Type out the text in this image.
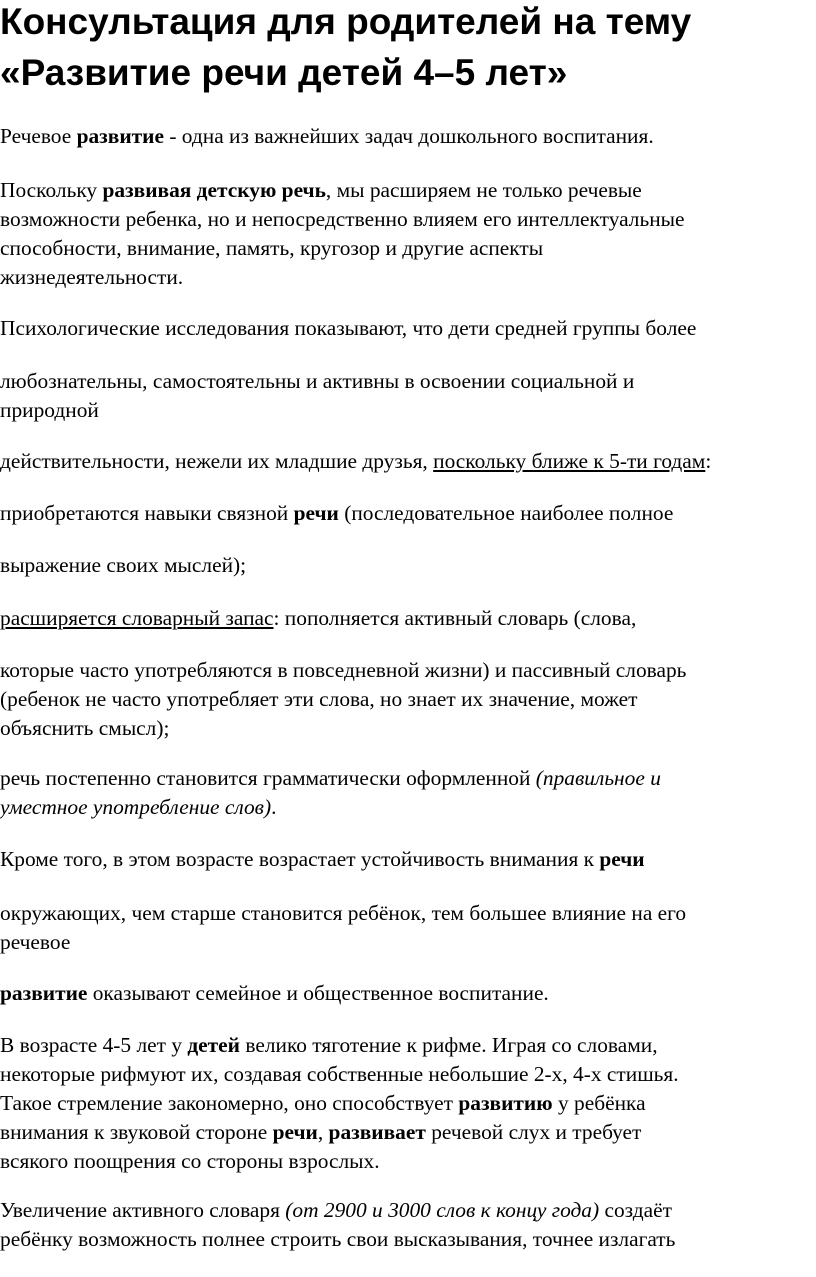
Консультация для родителей на тему
«Развитие речи детей 4–5 лет»

Речевое развитие - одна из важнейших задач дошкольного воспитания.

Поскольку развивая детскую речь, мы расширяем не только речевые
возможности ребенка, но и непосредственно влияем его интеллектуальные
способности, внимание, память, кругозор и другие аспекты
жизнедеятельности.

Психологические исследования показывают, что дети средней группы более

любознательны, самостоятельны и активны в освоении социальной и
природной

действительности, нежели их младшие друзья, поскольку ближе к 5-ти годам:

приобретаются навыки связной речи (последовательное наиболее полное

выражение своих мыслей);

расширяется словарный запас: пополняется активный словарь (слова,

которые часто употребляются в повседневной жизни) и пассивный словарь
(ребенок не часто употребляет эти слова, но знает их значение, может
объяснить смысл);

речь постепенно становится грамматически оформленной (правильное и
уместное употребление слов).

Кроме того, в этом возрасте возрастает устойчивость внимания к речи

окружающих, чем старше становится ребёнок, тем большее влияние на его
речевое

развитие оказывают семейное и общественное воспитание.

В возрасте 4-5 лет у детей велико тяготение к рифме. Играя со словами,
некоторые рифмуют их, создавая собственные небольшие 2-х, 4-х стишья.
Такое стремление закономерно, оно способствует развитию у ребёнка
внимания к звуковой стороне речи, развивает речевой слух и требует
всякого поощрения со стороны взрослых.

Увеличение активного словаря (от 2900 и 3000 слов к концу года) создаёт
ребёнку возможность полнее строить свои высказывания, точнее излагать
